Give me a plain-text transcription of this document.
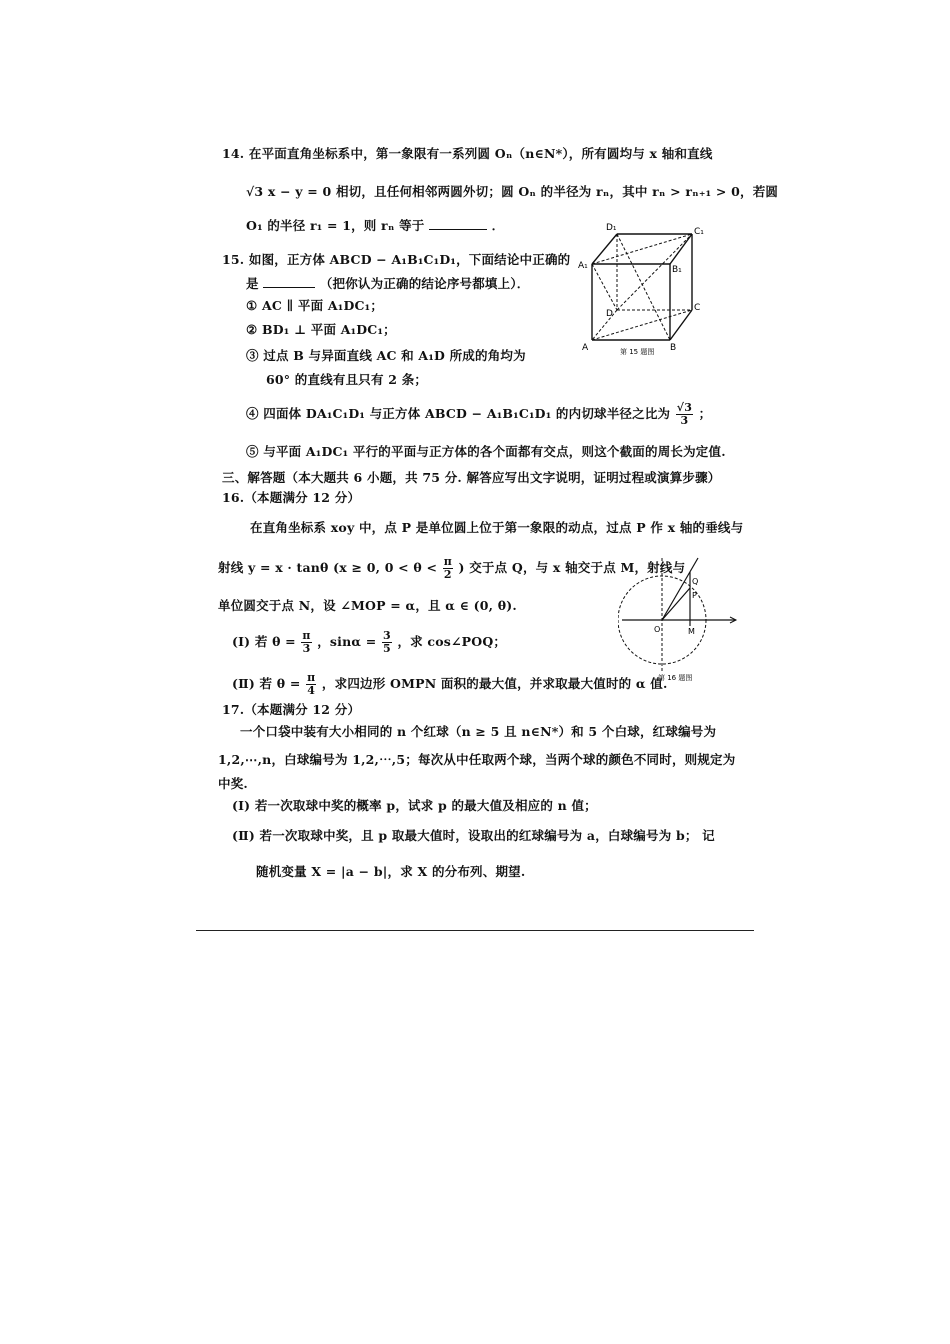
14. 在平面直角坐标系中，第一象限有一系列圆 Oₙ（n∈N*），所有圆均与 x 轴和直线
√3 x − y = 0 相切，且任何相邻两圆外切；圆 Oₙ 的半径为 rₙ，其中 rₙ > rₙ₊₁ > 0，若圆
O₁ 的半径 r₁ = 1，则 rₙ 等于	．
15. 如图，正方体 ABCD − A₁B₁C₁D₁，下面结论中正确的
是	（把你认为正确的结论序号都填上）．
① AC ∥ 平面 A₁DC₁；
② BD₁ ⊥ 平面 A₁DC₁；
③ 过点 B 与异面直线 AC 和 A₁D 所成的角均为
60° 的直线有且只有 2 条；
④ 四面体 DA₁C₁D₁ 与正方体 ABCD − A₁B₁C₁D₁ 的内切球半径之比为 $\frac{√3}{3}$ ；
⑤ 与平面 A₁DC₁ 平行的平面与正方体的各个面都有交点，则这个截面的周长为定值.
D₁	C₁
A₁	B₁
D
C
A	B
第 15 题图
三、解答题（本大题共 6 小题，共 75 分. 解答应写出文字说明，证明过程或演算步骤）
16.（本题满分 12 分）
在直角坐标系 xoy 中，点 P 是单位圆上位于第一象限的动点，过点 P 作 x 轴的垂线与
射线 y = x · tanθ (x ≥ 0, $0 < \theta < \frac{\pi}{2}$ ) 交于点 Q，与 x 轴交于点 M，射线与
单位圆交于点 N，设 ∠MOP = α，且 α ∈ (0, θ).
(Ⅰ) 若 $\theta = \frac{\pi}{3}$ ，$\sin\alpha = \frac{3}{5}$ ，求 cos∠POQ；
(Ⅱ) 若 $\theta = \frac{\pi}{4}$ ，求四边形 OMPN 面积的最大值，并求取最大值时的 α 值.
Q
P
O	M
第 16 题图
17.（本题满分 12 分）
一个口袋中装有大小相同的 n 个红球（n ≥ 5 且 n∈N*）和 5 个白球，红球编号为
1,2,⋯,n，白球编号为 1,2,⋯,5；每次从中任取两个球，当两个球的颜色不同时，则规定为
中奖.
(Ⅰ) 若一次取球中奖的概率 p，试求 p 的最大值及相应的 n 值；
(Ⅱ) 若一次取球中奖，且 p 取最大值时，设取出的红球编号为 a，白球编号为 b； 记
随机变量 X = |a − b|，求 X 的分布列、期望.
